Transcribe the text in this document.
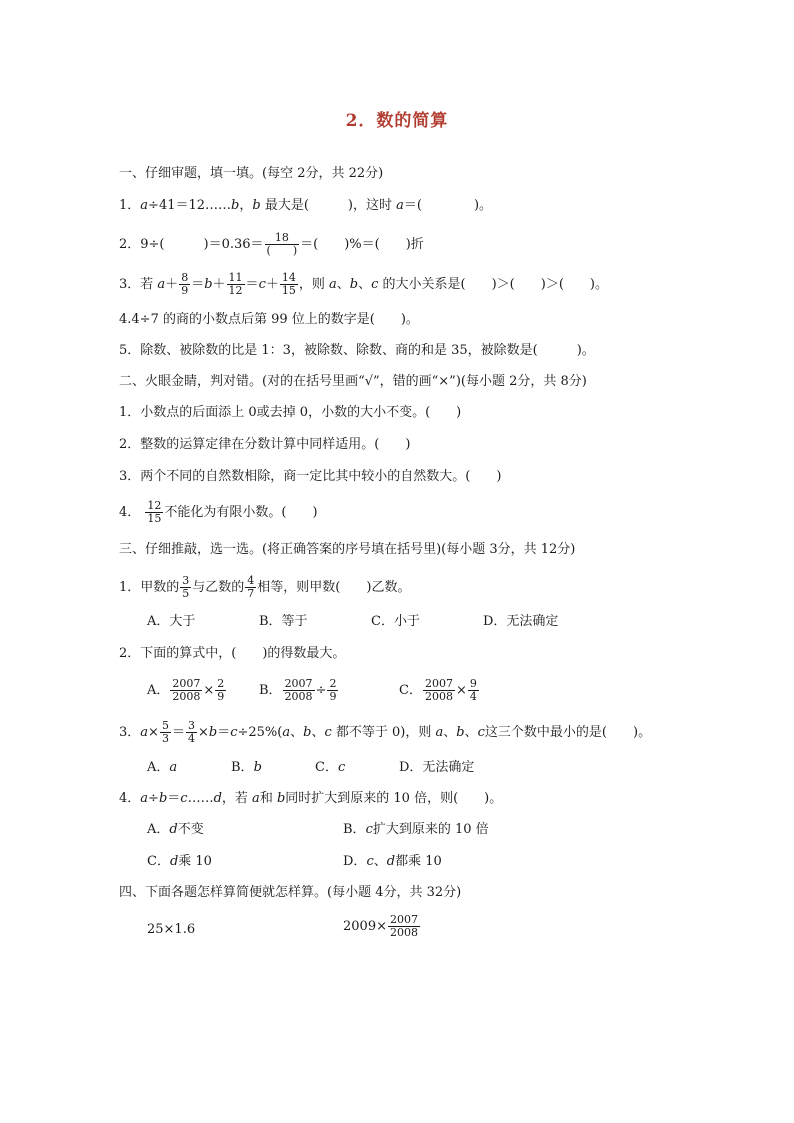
2．数的简算
一、仔细审题，填一填。(每空 2分，共 22分)
1．a÷41＝12……b，b 最大是(　　　)，这时 a＝(　　　　)。
2．9÷(　　　)$=0.36= \frac{18}{( )}$ ＝(　　)%＝(　　)折
3．若 $a+ \frac{8}{9} =b+ \frac{11}{12} =c+ \frac{14}{15}$ ，则 a、b、c 的大小关系是(　　)＞(　　)＞(　　)。
4.4÷7 的商的小数点后第 99 位上的数字是(　　)。
5．除数、被除数的比是 1：3，被除数、除数、商的和是 35，被除数是(　　　)。
二、火眼金睛，判对错。(对的在括号里画“√”，错的画“×”)(每小题 2分，共 8分)
1．小数点的后面添上 0或去掉 0，小数的大小不变。(　　)
2．整数的运算定律在分数计算中同样适用。(　　)
3．两个不同的自然数相除，商一定比其中较小的自然数大。(　　)
4． $\frac{12}{15}$ 不能化为有限小数。(　　)
三、仔细推敲，选一选。(将正确答案的序号填在括号里)(每小题 3分，共 12分)
1．甲数的 $\frac{3}{5}$ 与乙数的 $\frac{4}{7}$ 相等，则甲数(　　)乙数。
A．大于	B．等于	C．小于	D．无法确定
2．下面的算式中，(　　)的得数最大。
A． $\frac{2007}{2008} \times \frac{2}{9}$	B． $\frac{2007}{2008} \div \frac{2}{9}$	C． $\frac{2007}{2008} \times \frac{9}{4}$
3．$a\times \frac{5}{3} = \frac{3}{4} \times b=c\div 25\%(a$、b、c 都不等于 0)，则 a、b、c这三个数中最小的是(　　)。
A．a	B．b	C．c	D．无法确定
4．a÷b＝c……d，若 a和 b同时扩大到原来的 10 倍，则(　　)。
A．d不变	B．c扩大到原来的 10 倍
C．d乘 10	D．c、d都乘 10
四、下面各题怎样算简便就怎样算。(每小题 4分，共 32分)
25×1.6	$2009\times \frac{2007}{2008}$
